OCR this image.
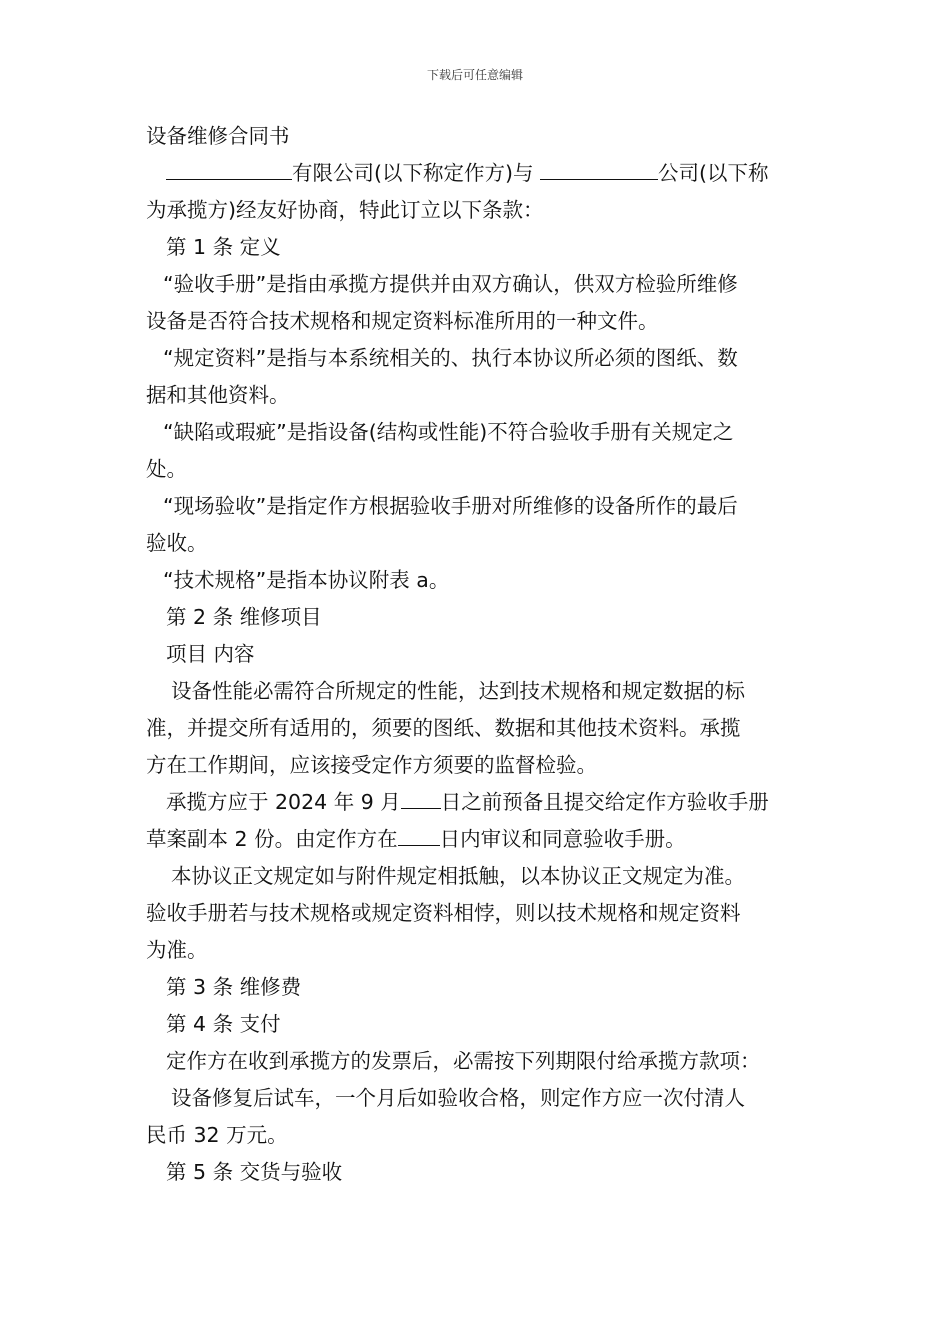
下载后可任意编辑

设备维修合同书

有限公司(以下称定作方)与	公司(以下称

为承揽方)经友好协商，特此订立以下条款：

第 1 条 定义

“验收手册”是指由承揽方提供并由双方确认，供双方检验所维修

设备是否符合技术规格和规定资料标准所用的一种文件。

“规定资料”是指与本系统相关的、执行本协议所必须的图纸、数

据和其他资料。

“缺陷或瑕疵”是指设备(结构或性能)不符合验收手册有关规定之

处。

“现场验收”是指定作方根据验收手册对所维修的设备所作的最后

验收。

“技术规格”是指本协议附表 a。

第 2 条 维修项目

项目 内容

设备性能必需符合所规定的性能，达到技术规格和规定数据的标

准，并提交所有适用的，须要的图纸、数据和其他技术资料。承揽

方在工作期间，应该接受定作方须要的监督检验。

承揽方应于 2024 年 9 月 日之前预备且提交给定作方验收手册

草案副本 2 份。由定作方在 日内审议和同意验收手册。

本协议正文规定如与附件规定相抵触，以本协议正文规定为准。

验收手册若与技术规格或规定资料相悖，则以技术规格和规定资料

为准。

第 3 条 维修费

第 4 条 支付

定作方在收到承揽方的发票后，必需按下列期限付给承揽方款项：

设备修复后试车，一个月后如验收合格，则定作方应一次付清人

民币 32 万元。

第 5 条 交货与验收
